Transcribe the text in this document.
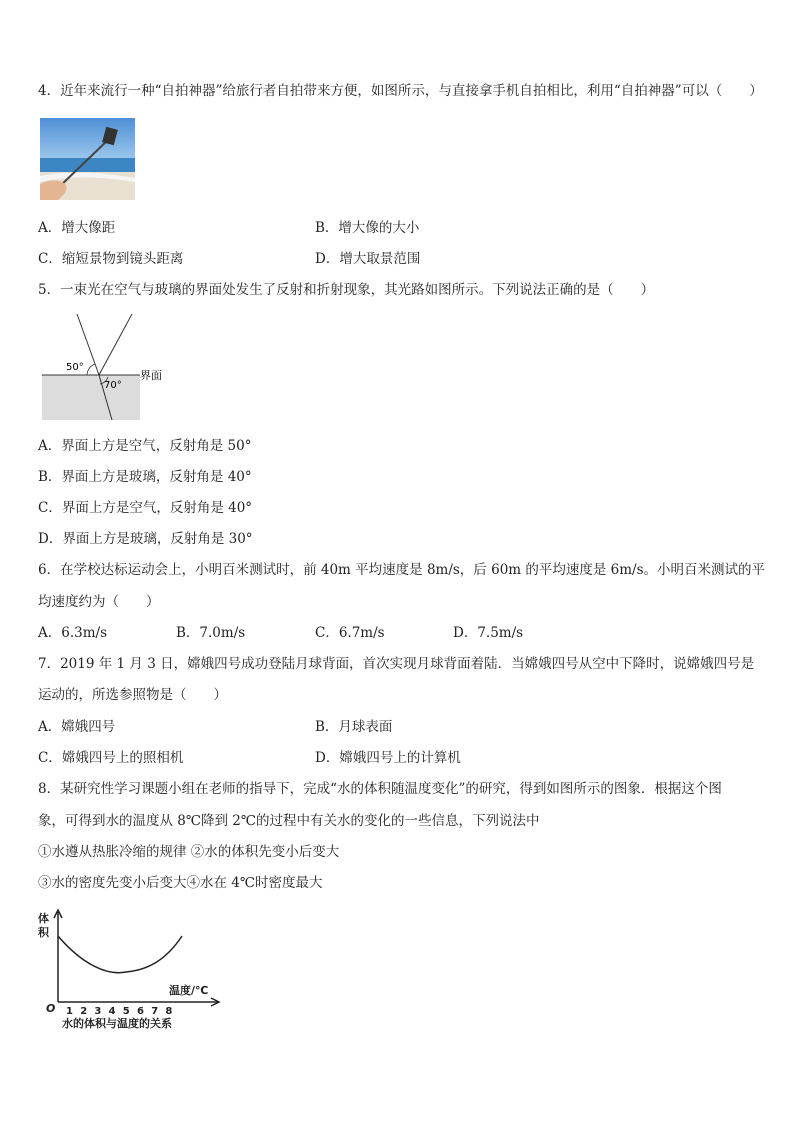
4．近年来流行一种“自拍神器”给旅行者自拍带来方便，如图所示，与直接拿手机自拍相比，利用“自拍神器”可以（　　）
A．增大像距	B．增大像的大小
C．缩短景物到镜头距离	D．增大取景范围
5．一束光在空气与玻璃的界面处发生了反射和折射现象，其光路如图所示。下列说法正确的是（　　）
50°
70°
界面
A．界面上方是空气，反射角是 50°
B．界面上方是玻璃，反射角是 40°
C．界面上方是空气，反射角是 40°
D．界面上方是玻璃，反射角是 30°
6．在学校达标运动会上，小明百米测试时，前 40m 平均速度是 8m/s，后 60m 的平均速度是 6m/s。小明百米测试的平
均速度约为（　　）
A．6.3m/s	B．7.0m/s	C．6.7m/s	D．7.5m/s
7．2019 年 1 月 3 日，嫦娥四号成功登陆月球背面，首次实现月球背面着陆．当嫦娥四号从空中下降时，说嫦娥四号是
运动的，所选参照物是（　　）
A．嫦娥四号	B．月球表面
C．嫦娥四号上的照相机	D．嫦娥四号上的计算机
8．某研究性学习课题小组在老师的指导下，完成“水的体积随温度变化”的研究，得到如图所示的图象．根据这个图
象，可得到水的温度从 8℃降到 2℃的过程中有关水的变化的一些信息，下列说法中
①水遵从热胀冷缩的规律 ②水的体积先变小后变大
③水的密度先变小后变大④水在 4℃时密度最大
体
积
温度/℃
O 1 2 3 4 5 6 7 8
水的体积与温度的关系
